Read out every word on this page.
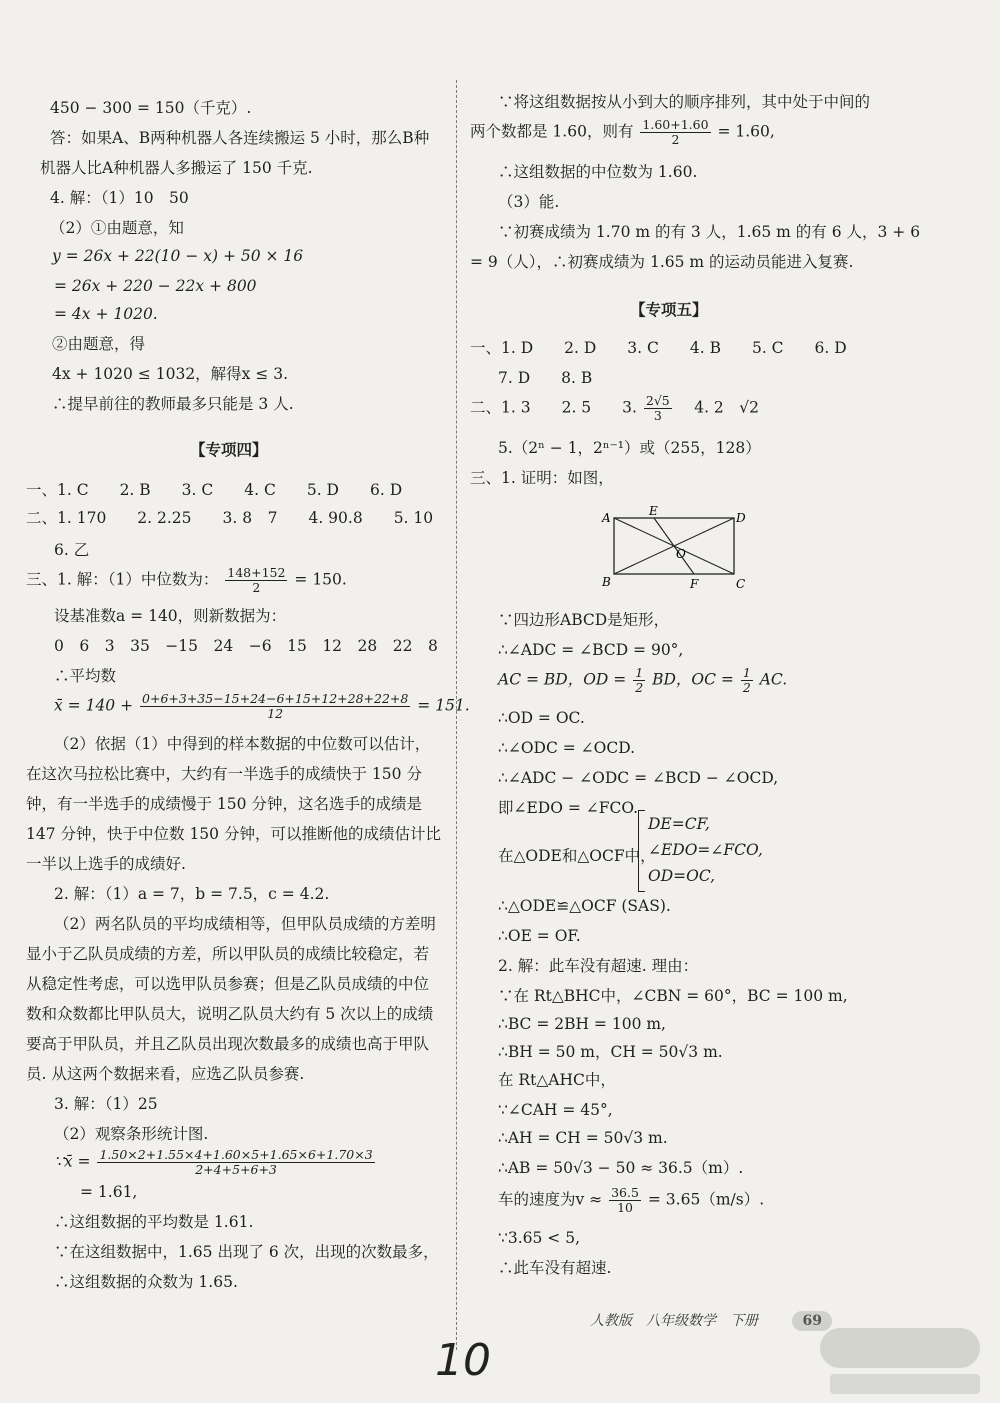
450 − 300 = 150（千克）.
答：如果A、B两种机器人各连续搬运 5 小时，那么B种
机器人比A种机器人多搬运了 150 千克.
4. 解：（1）10　50
（2）①由题意，知
y = 26x + 22(10 − x) + 50 × 16
= 26x + 220 − 22x + 800
= 4x + 1020.
②由题意，得
4x + 1020 ≤ 1032，解得x ≤ 3.
∴提早前往的教师最多只能是 3 人.
【专项四】
一、1. C　　2. B　　3. C　　4. C　　5. D　　6. D
二、1. 170　　2. 2.25　　3. 8　7　　4. 90.8　　5. 10
6. 乙
三、1. 解：（1）中位数为： $\frac{148+152}{2} = 150$.
设基准数a = 140，则新数据为：
0　6　3　35　−15　24　−6　15　12　28　22　8
∴平均数
x̄ = $140 + \frac{0+6+3+35-15+24-6+15+12+28+22+8}{12} = 151$.
（2）依据（1）中得到的样本数据的中位数可以估计，
在这次马拉松比赛中，大约有一半选手的成绩快于 150 分
钟，有一半选手的成绩慢于 150 分钟，这名选手的成绩是
147 分钟，快于中位数 150 分钟，可以推断他的成绩估计比
一半以上选手的成绩好.
2. 解：（1）a = 7，b = 7.5，c = 4.2.
（2）两名队员的平均成绩相等，但甲队员成绩的方差明
显小于乙队员成绩的方差，所以甲队员的成绩比较稳定，若
从稳定性考虑，可以选甲队员参赛；但是乙队员成绩的中位
数和众数都比甲队员大，说明乙队员大约有 5 次以上的成绩
要高于甲队员，并且乙队员出现次数最多的成绩也高于甲队
员. 从这两个数据来看，应选乙队员参赛.
3. 解：（1）25
（2）观察条形统计图.
∵x̄ = $\frac{1.50\times 2+1.55\times 4+1.60\times 5+1.65\times 6+1.70\times 3}{2+4+5+6+3}$
= 1.61,
∴这组数据的平均数是 1.61.
∵在这组数据中，1.65 出现了 6 次，出现的次数最多，
∴这组数据的众数为 1.65.
∵将这组数据按从小到大的顺序排列，其中处于中间的
两个数都是 1.60，则有 $\frac{1.60+1.60}{2} = 1.60$,
∴这组数据的中位数为 1.60.
（3）能.
∵初赛成绩为 1.70 m 的有 3 人，1.65 m 的有 6 人，3 + 6
= 9（人），∴初赛成绩为 1.65 m 的运动员能进入复赛.
【专项五】
一、1. D　　2. D　　3. C　　4. B　　5. C　　6. D
7. D　　8. B
二、1. 3　　2. 5　　3. $\frac{2√5}{3}$ 　4. 2　√2
5.（2ⁿ − 1，2ⁿ⁻¹）或（255，128）
三、1. 证明：如图，
A	E	D
O
B	F	C
∵四边形ABCD是矩形，
∴∠ADC = ∠BCD = 90°,
AC = BD，OD = $\frac{1}{2}$ BD，OC = $\frac{1}{2}$ AC.
∴OD = OC.
∴∠ODC = ∠OCD.
∴∠ADC − ∠ODC = ∠BCD − ∠OCD,
即∠EDO = ∠FCO.
在△ODE和△OCF中，
DE=CF,
∠EDO=∠FCO,
OD=OC,
∴△ODE≌△OCF (SAS).
∴OE = OF.
2. 解：此车没有超速. 理由：
∵在 Rt△BHC中，∠CBN = 60°，BC = 100 m,
∴BC = 2BH = 100 m,
∴BH = 50 m，CH = 50√3 m.
在 Rt△AHC中，
∵∠CAH = 45°,
∴AH = CH = 50√3 m.
∴AB = 50√3 − 50 ≈ 36.5（m）.
车的速度为$v \approx \frac{36.5}{10} = 3.65(m/s)$.
∵3.65 < 5,
∴此车没有超速.
人教版　八年级数学　下册	69
10
